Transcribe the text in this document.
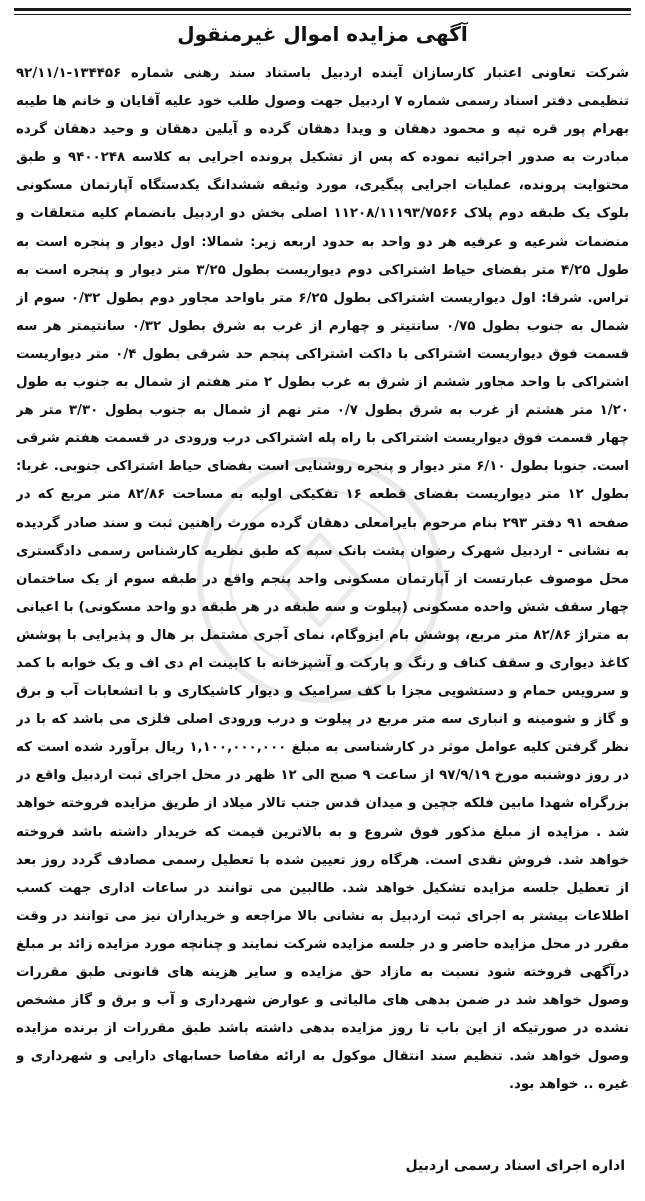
آگهی مزایده اموال غیرمنقول
شرکت تعاونی اعتبار کارسازان آینده اردبیل باستناد سند رهنی شماره ۱۳۴۴۵۶-۹۲/۱۱/۱ تنظیمی دفتر اسناد رسمی شماره ۷ اردبیل جهت وصول طلب خود علیه آقایان و خانم ها طیبه بهرام پور قره تپه و محمود دهقان و ویدا دهقان گرده و آیلین دهقان و وحید دهقان گرده مبادرت به صدور اجرائیه نموده که پس از تشکیل پرونده اجرایی به کلاسه ۹۴۰۰۲۴۸ و طبق محتوایت پرونده، عملیات اجرایی پیگیری، مورد وثیقه ششدانگ یکدستگاه آپارتمان مسکونی بلوک یک طبقه دوم پلاک ۱۱۲۰۸/۱۱۱۹۳/۷۵۶۶ اصلی بخش دو اردبیل بانضمام کلیه متعلقات و منضمات شرعیه و عرفیه هر دو واحد به حدود اربعه زیر: شمالا: اول دیوار و پنجره است به طول ۴/۲۵ متر بفضای حیاط اشتراکی دوم دیواریست بطول ۳/۲۵ متر دیوار و پنجره است به تراس. شرقا: اول دیواریست اشتراکی بطول ۶/۲۵ متر باواحد مجاور دوم بطول ۰/۳۲ سوم از شمال به جنوب بطول ۰/۷۵ سانتیتر و چهارم از غرب به شرق بطول ۰/۳۲ سانتیمتر هر سه قسمت فوق دیواریست اشتراکی با داکت اشتراکی پنجم حد شرقی بطول ۰/۴ متر دیواریست اشتراکی با واحد مجاور ششم از شرق به غرب بطول ۲ متر هفتم از شمال به جنوب به طول ۱/۲۰ متر هشتم از غرب به شرق بطول ۰/۷ متر نهم از شمال به جنوب بطول ۳/۳۰ متر هر چهار قسمت فوق دیواریست اشتراکی با راه پله اشتراکی درب ورودی در قسمت هفتم شرقی است. جنوبا بطول ۶/۱۰ متر دیوار و پنجره روشنایی است بفضای حیاط اشتراکی جنوبی. غربا: بطول ۱۲ متر دیواریست بفضای قطعه ۱۶ تفکیکی اولیه به مساحت ۸۲/۸۶ متر مربع که در صفحه ۹۱ دفتر ۲۹۳ بنام مرحوم بایرامعلی دهقان گرده مورث راهنین ثبت و سند صادر گردیده به نشانی - اردبیل شهرک رضوان پشت بانک سپه که طبق نظریه کارشناس رسمی دادگستری محل موصوف عبارتست از آپارتمان مسکونی واحد پنجم واقع در طبقه سوم از یک ساختمان چهار سقف شش واحده مسکونی (پیلوت و سه طبقه در هر طبقه دو واحد مسکونی) با اعیانی به متراژ ۸۲/۸۶ متر مربع، پوشش بام ایزوگام، نمای آجری مشتمل بر هال و پذیرایی با پوشش کاغذ دیواری و سقف کناف و رنگ و پارکت و آشپزخانه با کابینت ام دی اف و یک خوابه با کمد و سرویس حمام و دستشویی مجزا با کف سرامیک و دیوار کاشیکاری و با انشعابات آب و برق و گاز و شومینه و انباری سه متر مربع در پیلوت و درب ورودی اصلی فلزی می باشد که با در نظر گرفتن کلیه عوامل موثر در کارشناسی به مبلغ ۱,۱۰۰,۰۰۰,۰۰۰ ریال برآورد شده است که در روز دوشنبه مورخ ۹۷/۹/۱۹ از ساعت ۹ صبح الی ۱۲ ظهر در محل اجرای ثبت اردبیل واقع در بزرگراه شهدا مابین فلکه جچین و میدان قدس جنب تالار میلاد از طریق مزایده فروخته خواهد شد . مزایده از مبلغ مذکور فوق شروع و به بالاترین قیمت که خریدار داشته باشد فروخته خواهد شد. فروش نقدی است. هرگاه روز تعیین شده با تعطیل رسمی مصادف گردد روز بعد از تعطیل جلسه مزایده تشکیل خواهد شد. طالبین می توانند در ساعات اداری جهت کسب اطلاعات بیشتر به اجرای ثبت اردبیل به نشانی بالا مراجعه و خریداران نیز می توانند در وقت مقرر در محل مزایده حاضر و در جلسه مزایده شرکت نمایند و چنانچه مورد مزایده زائد بر مبلغ درآگهی فروخته شود نسبت به مازاد حق مزایده و سایر هزینه های قانونی طبق مقررات وصول خواهد شد در ضمن بدهی های مالیاتی و عوارض شهرداری و آب و برق و گاز مشخص نشده در صورتیکه از این باب تا روز مزایده بدهی داشته باشد طبق مقررات از برنده مزایده وصول خواهد شد. تنظیم سند انتقال موکول به ارائه مفاصا حسابهای دارایی و شهرداری و غیره .. خواهد بود.
اداره اجرای اسناد رسمی اردبیل
